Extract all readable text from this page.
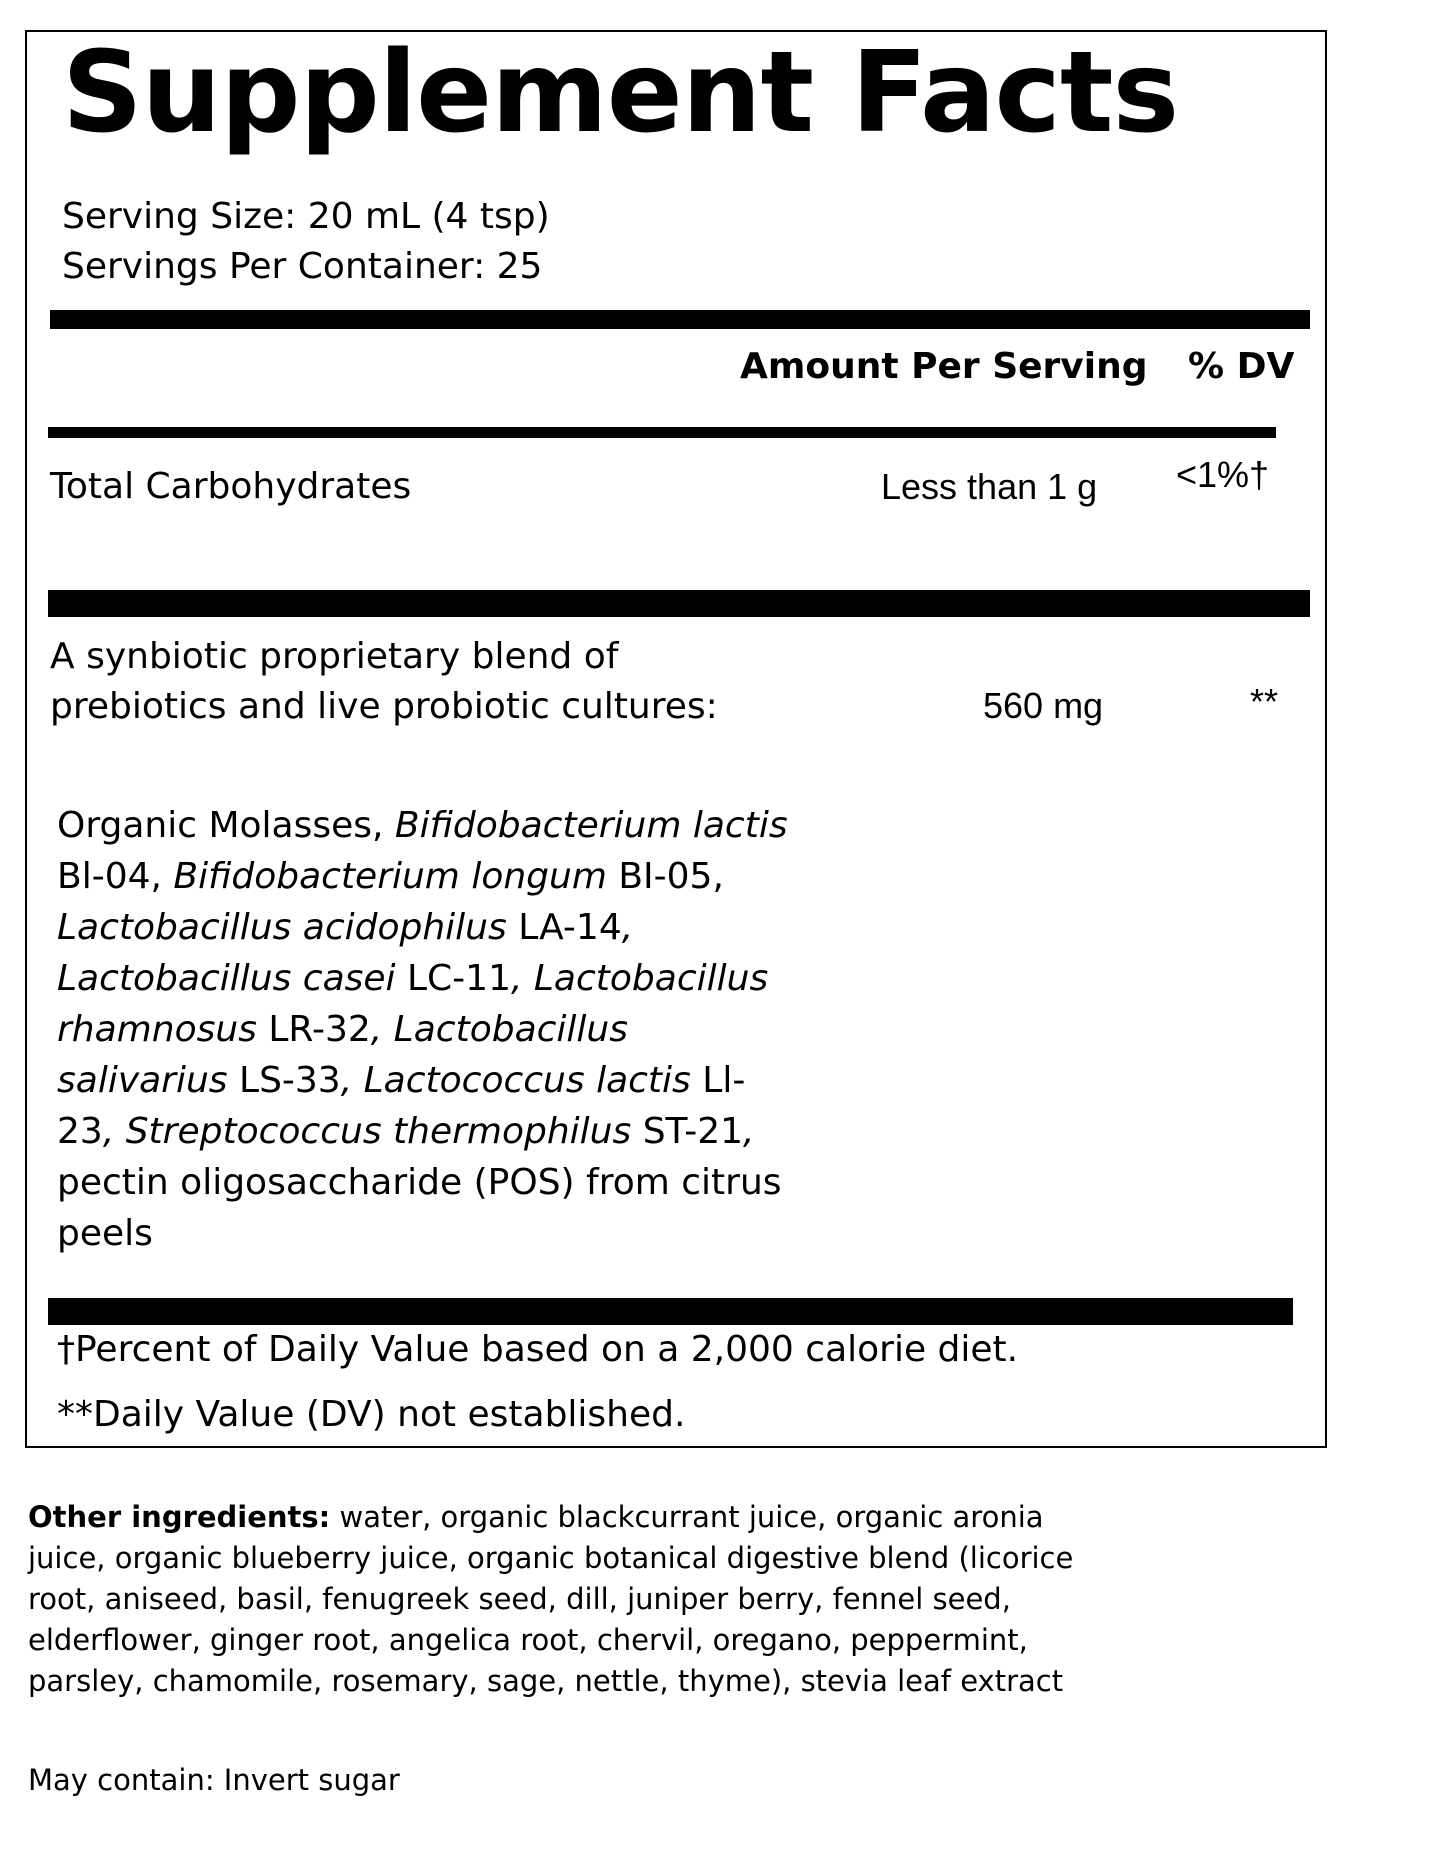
Supplement Facts
Serving Size: 20 mL (4 tsp)
Servings Per Container: 25
Amount Per Serving % DV
Total Carbohydrates	Less than 1 g <1%†
A synbiotic proprietary blend of
prebiotics and live probiotic cultures:	560 mg	**
Organic Molasses, Bifidobacterium lactis Bl-04, Bifidobacterium longum BI-05, Lactobacillus acidophilus LA-14, Lactobacillus casei LC-11, Lactobacillus rhamnosus LR-32, Lactobacillus salivarius LS-33, Lactococcus lactis Ll-23, Streptococcus thermophilus ST-21, pectin oligosaccharide (POS) from citrus peels
†Percent of Daily Value based on a 2,000 calorie diet.
**Daily Value (DV) not established.
Other ingredients: water, organic blackcurrant juice, organic aronia juice, organic blueberry juice, organic botanical digestive blend (licorice root, aniseed, basil, fenugreek seed, dill, juniper berry, fennel seed, elderflower, ginger root, angelica root, chervil, oregano, peppermint, parsley, chamomile, rosemary, sage, nettle, thyme), stevia leaf extract
May contain: Invert sugar
